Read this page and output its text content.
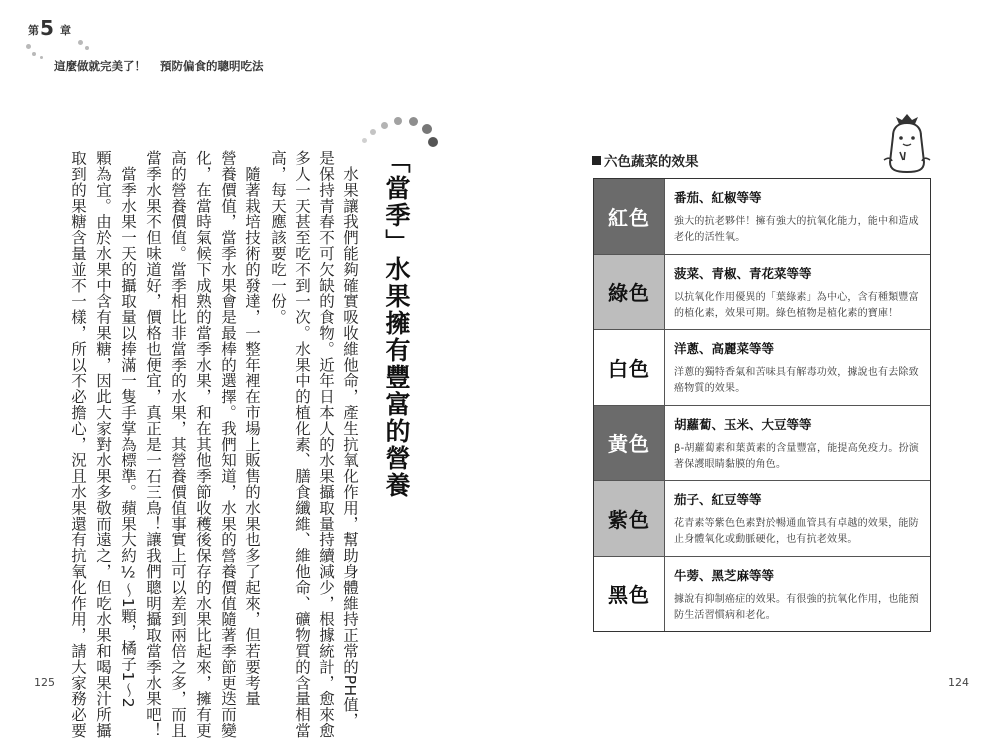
第 5 章
這麼做就完美了！ 預防偏食的聰明吃法
「當季」水果擁有豐富的營養
　水果讓我們能夠確實吸收維他命，產生抗氧化作用，幫助身體維持正常的PH值，
是保持青春不可欠缺的食物。近年日本人的水果攝取量持續減少，根據統計，愈來愈
多人一天甚至吃不到一次。水果中的植化素、膳食纖維、維他命、礦物質的含量相當
高，每天應該要吃一份。
　隨著栽培技術的發達，一整年裡在市場上販售的水果也多了起來，但若要考量
營養價值，當季水果會是最棒的選擇。我們知道，水果的營養價值隨著季節更迭而變
化，在當時氣候下成熟的當季水果，和在其他季節收穫後保存的水果比起來，擁有更
高的營養價值。當季相比非當季的水果，其營養價值事實上可以差到兩倍之多，而且
當季水果不但味道好，價格也便宜，真正是一石三鳥！讓我們聰明攝取當季水果吧！
　當季水果一天的攝取量以捧滿一隻手掌為標準。蘋果大約½～1顆，橘子1～2
顆為宜。由於水果中含有果糖，因此大家對水果多敬而遠之，但吃水果和喝果汁所攝
取到的果糖含量並不一樣，所以不必擔心，況且水果還有抗氧化作用，請大家務必要
125
六色蔬菜的效果
紅色
番茄、紅椒等等
強大的抗老夥伴！擁有強大的抗氧化能力，能中和造成老化的活性氧。
綠色
菠菜、青椒、青花菜等等
以抗氧化作用優異的「葉綠素」為中心，含有種類豐富的植化素，效果可期。綠色植物是植化素的寶庫！
白色
洋蔥、高麗菜等等
洋蔥的獨特香氣和苦味具有解毒功效，據說也有去除致癌物質的效果。
黃色
胡蘿蔔、玉米、大豆等等
β-胡蘿蔔素和葉黃素的含量豐富，能提高免疫力。扮演著保護眼睛黏膜的角色。
紫色
茄子、紅豆等等
花青素等紫色色素對於暢通血管具有卓越的效果，能防止身體氧化或動脈硬化，也有抗老效果。
黑色
牛蒡、黑芝麻等等
據說有抑制癌症的效果。有很強的抗氧化作用，也能預防生活習慣病和老化。
124
